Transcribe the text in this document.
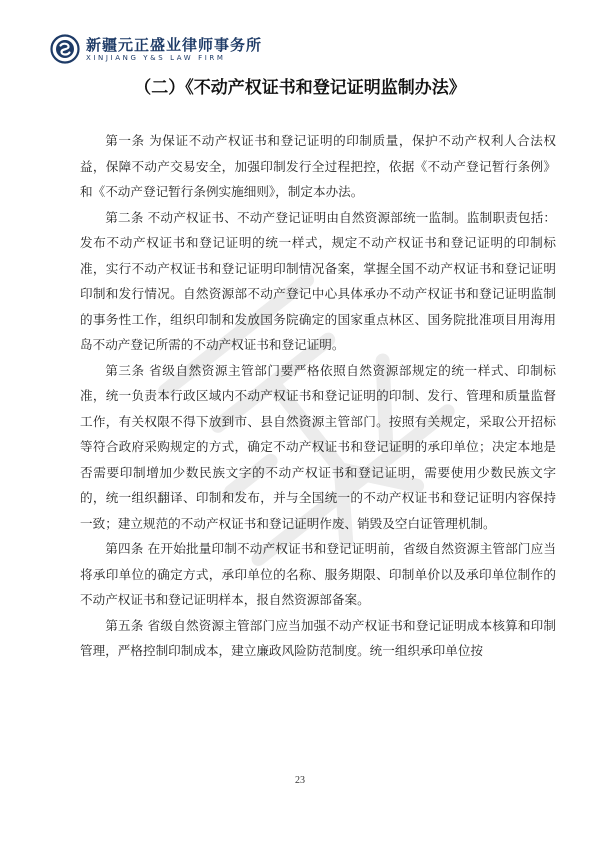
新疆元正盛业律师事务所
XINJIANG Y&S LAW FIRM
（二）《不动产权证书和登记证明监制办法》

第一条 为保证不动产权证书和登记证明的印制质量，保护不动产权利人合法权益，保障不动产交易安全，加强印制发行全过程把控，依据《不动产登记暂行条例》和《不动产登记暂行条例实施细则》，制定本办法。

第二条 不动产权证书、不动产登记证明由自然资源部统一监制。监制职责包括：发布不动产权证书和登记证明的统一样式，规定不动产权证书和登记证明的印制标准，实行不动产权证书和登记证明印制情况备案，掌握全国不动产权证书和登记证明印制和发行情况。自然资源部不动产登记中心具体承办不动产权证书和登记证明监制的事务性工作，组织印制和发放国务院确定的国家重点林区、国务院批准项目用海用岛不动产登记所需的不动产权证书和登记证明。

第三条 省级自然资源主管部门要严格依照自然资源部规定的统一样式、印制标准，统一负责本行政区域内不动产权证书和登记证明的印制、发行、管理和质量监督工作，有关权限不得下放到市、县自然资源主管部门。按照有关规定，采取公开招标等符合政府采购规定的方式，确定不动产权证书和登记证明的承印单位；决定本地是否需要印制增加少数民族文字的不动产权证书和登记证明，需要使用少数民族文字的，统一组织翻译、印制和发布，并与全国统一的不动产权证书和登记证明内容保持一致；建立规范的不动产权证书和登记证明作废、销毁及空白证管理机制。

第四条 在开始批量印制不动产权证书和登记证明前，省级自然资源主管部门应当将承印单位的确定方式，承印单位的名称、服务期限、印制单价以及承印单位制作的不动产权证书和登记证明样本，报自然资源部备案。

第五条 省级自然资源主管部门应当加强不动产权证书和登记证明成本核算和印制管理，严格控制印制成本，建立廉政风险防范制度。统一组织承印单位按

23
